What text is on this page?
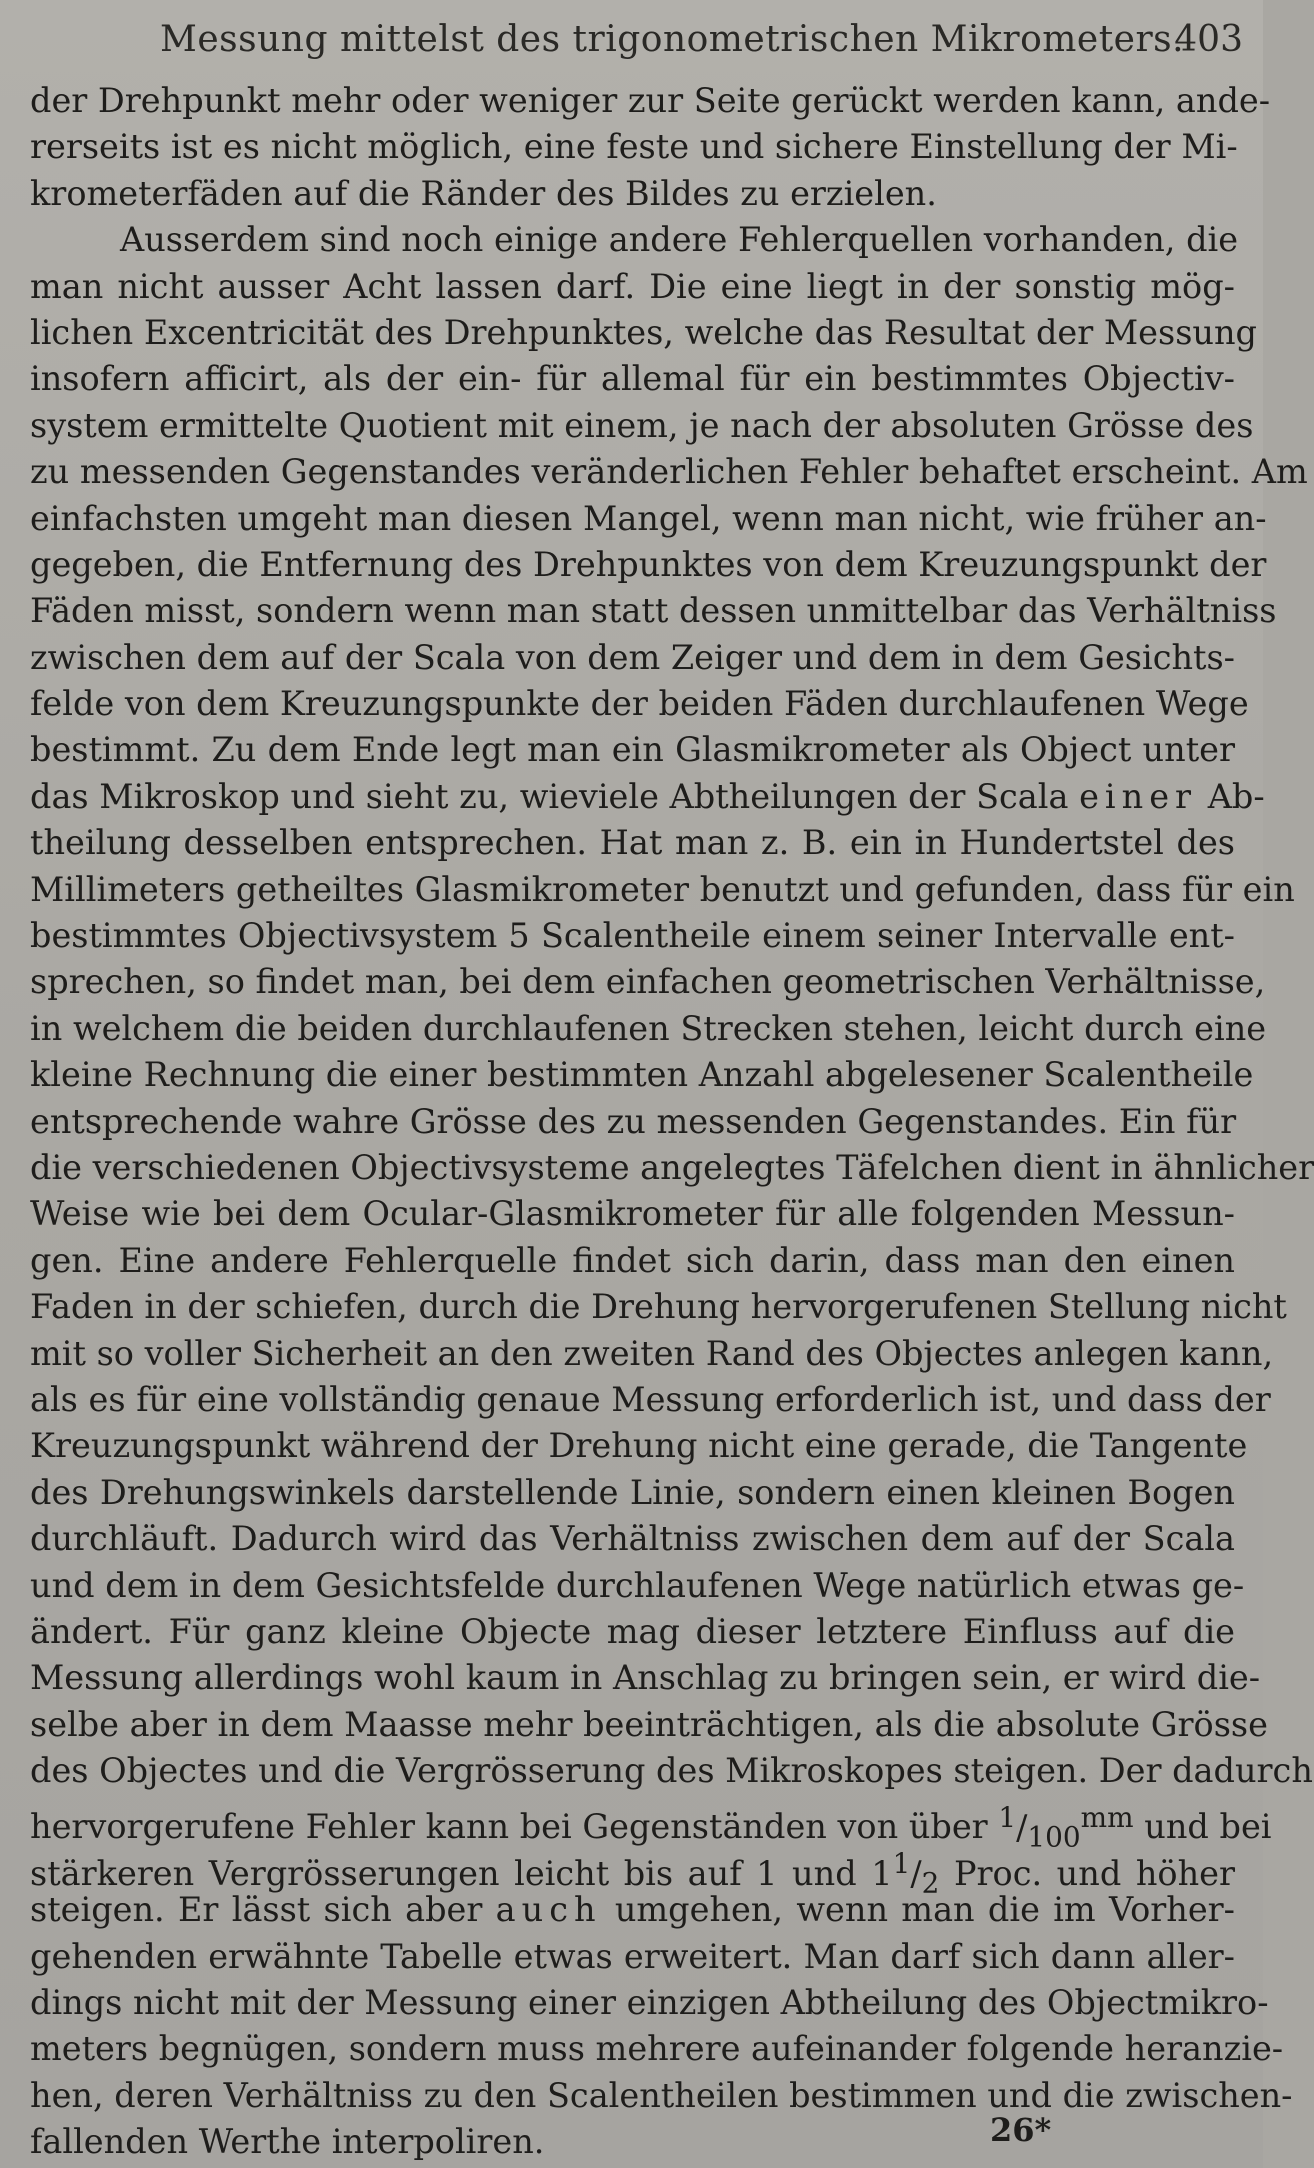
Messung mittelst des trigonometrischen Mikrometers.
403
der Drehpunkt mehr oder weniger zur Seite gerückt werden kann, ande-
rerseits ist es nicht möglich, eine feste und sichere Einstellung der Mi-
krometerfäden auf die Ränder des Bildes zu erzielen.
Ausserdem sind noch einige andere Fehlerquellen vorhanden, die
man nicht ausser Acht lassen darf. Die eine liegt in der sonstig mög-
lichen Excentricität des Drehpunktes, welche das Resultat der Messung
insofern afficirt, als der ein- für allemal für ein bestimmtes Objectiv-
system ermittelte Quotient mit einem, je nach der absoluten Grösse des
zu messenden Gegenstandes veränderlichen Fehler behaftet erscheint. Am
einfachsten umgeht man diesen Mangel, wenn man nicht, wie früher an-
gegeben, die Entfernung des Drehpunktes von dem Kreuzungspunkt der
Fäden misst, sondern wenn man statt dessen unmittelbar das Verhältniss
zwischen dem auf der Scala von dem Zeiger und dem in dem Gesichts-
felde von dem Kreuzungspunkte der beiden Fäden durchlaufenen Wege
bestimmt. Zu dem Ende legt man ein Glasmikrometer als Object unter
das Mikroskop und sieht zu, wieviele Abtheilungen der Scala einer Ab-
theilung desselben entsprechen. Hat man z. B. ein in Hundertstel des
Millimeters getheiltes Glasmikrometer benutzt und gefunden, dass für ein
bestimmtes Objectivsystem 5 Scalentheile einem seiner Intervalle ent-
sprechen, so findet man, bei dem einfachen geometrischen Verhältnisse,
in welchem die beiden durchlaufenen Strecken stehen, leicht durch eine
kleine Rechnung die einer bestimmten Anzahl abgelesener Scalentheile
entsprechende wahre Grösse des zu messenden Gegenstandes. Ein für
die verschiedenen Objectivsysteme angelegtes Täfelchen dient in ähnlicher
Weise wie bei dem Ocular-Glasmikrometer für alle folgenden Messun-
gen. Eine andere Fehlerquelle findet sich darin, dass man den einen
Faden in der schiefen, durch die Drehung hervorgerufenen Stellung nicht
mit so voller Sicherheit an den zweiten Rand des Objectes anlegen kann,
als es für eine vollständig genaue Messung erforderlich ist, und dass der
Kreuzungspunkt während der Drehung nicht eine gerade, die Tangente
des Drehungswinkels darstellende Linie, sondern einen kleinen Bogen
durchläuft. Dadurch wird das Verhältniss zwischen dem auf der Scala
und dem in dem Gesichtsfelde durchlaufenen Wege natürlich etwas ge-
ändert. Für ganz kleine Objecte mag dieser letztere Einfluss auf die
Messung allerdings wohl kaum in Anschlag zu bringen sein, er wird die-
selbe aber in dem Maasse mehr beeinträchtigen, als die absolute Grösse
des Objectes und die Vergrösserung des Mikroskopes steigen. Der dadurch
hervorgerufene Fehler kann bei Gegenständen von über $^1/_{100}^{mm}$ und bei
stärkeren Vergrösserungen leicht bis auf 1 und $1^1/_2$ Proc. und höher
steigen. Er lässt sich aber auch umgehen, wenn man die im Vorher-
gehenden erwähnte Tabelle etwas erweitert. Man darf sich dann aller-
dings nicht mit der Messung einer einzigen Abtheilung des Objectmikro-
meters begnügen, sondern muss mehrere aufeinander folgende heranzie-
hen, deren Verhältniss zu den Scalentheilen bestimmen und die zwischen-
fallenden Werthe interpoliren.	26*
